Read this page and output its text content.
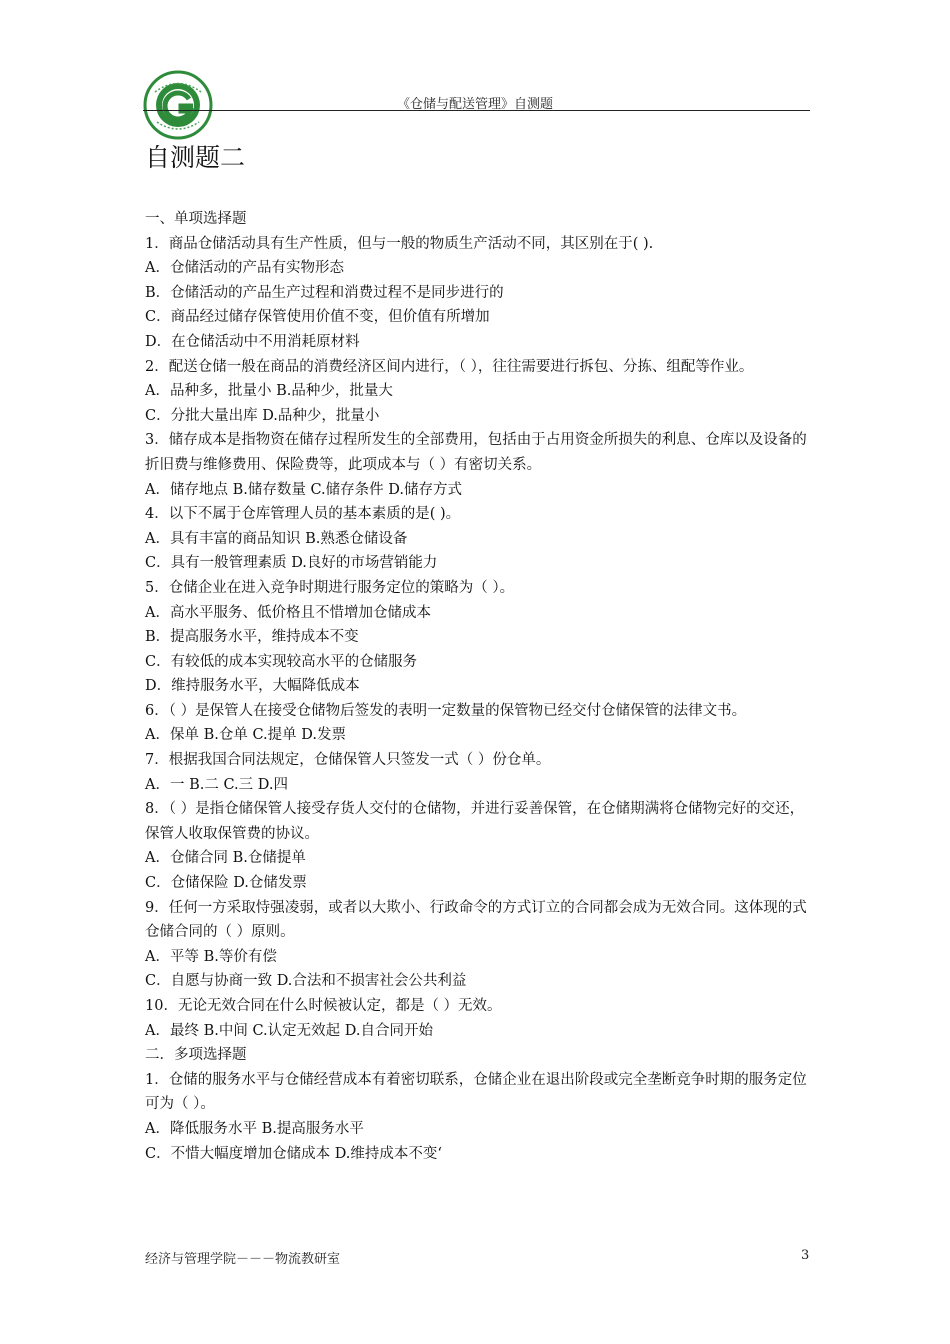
《仓储与配送管理》自测题
自测题二
一、单项选择题
1．商品仓储活动具有生产性质，但与一般的物质生产活动不同，其区别在于( ).
A．仓储活动的产品有实物形态
B．仓储活动的产品生产过程和消费过程不是同步进行的
C．商品经过储存保管使用价值不变，但价值有所增加
D．在仓储活动中不用消耗原材料
2．配送仓储一般在商品的消费经济区间内进行，（ ），往往需要进行拆包、分拣、组配等作业。
A．品种多，批量小 B.品种少，批量大
C．分批大量出库 D.品种少，批量小
3．储存成本是指物资在储存过程所发生的全部费用，包括由于占用资金所损失的利息、仓库以及设备的折旧费与维修费用、保险费等，此项成本与（ ）有密切关系。
A．储存地点 B.储存数量 C.储存条件 D.储存方式
4．以下不属于仓库管理人员的基本素质的是( )。
A．具有丰富的商品知识 B.熟悉仓储设备
C．具有一般管理素质 D.良好的市场营销能力
5．仓储企业在进入竞争时期进行服务定位的策略为（ ）。
A．高水平服务、低价格且不惜增加仓储成本
B．提高服务水平，维持成本不变
C．有较低的成本实现较高水平的仓储服务
D．维持服务水平，大幅降低成本
6．（ ）是保管人在接受仓储物后签发的表明一定数量的保管物已经交付仓储保管的法律文书。
A．保单 B.仓单 C.提单 D.发票
7．根据我国合同法规定，仓储保管人只签发一式（ ）份仓单。
A．一 B.二 C.三 D.四
8．（ ）是指仓储保管人接受存货人交付的仓储物，并进行妥善保管，在仓储期满将仓储物完好的交还，保管人收取保管费的协议。
A．仓储合同 B.仓储提单
C．仓储保险 D.仓储发票
9．任何一方采取恃强凌弱，或者以大欺小、行政命令的方式订立的合同都会成为无效合同。这体现的式仓储合同的（ ）原则。
A．平等 B.等价有偿
C．自愿与协商一致 D.合法和不损害社会公共利益
10．无论无效合同在什么时候被认定，都是（ ）无效。
A．最终 B.中间 C.认定无效起 D.自合同开始
二．多项选择题
1．仓储的服务水平与仓储经营成本有着密切联系，仓储企业在退出阶段或完全垄断竞争时期的服务定位可为（ ）。
A．降低服务水平 B.提高服务水平
C．不惜大幅度增加仓储成本 D.维持成本不变‘
经济与管理学院－－－物流教研室	3
